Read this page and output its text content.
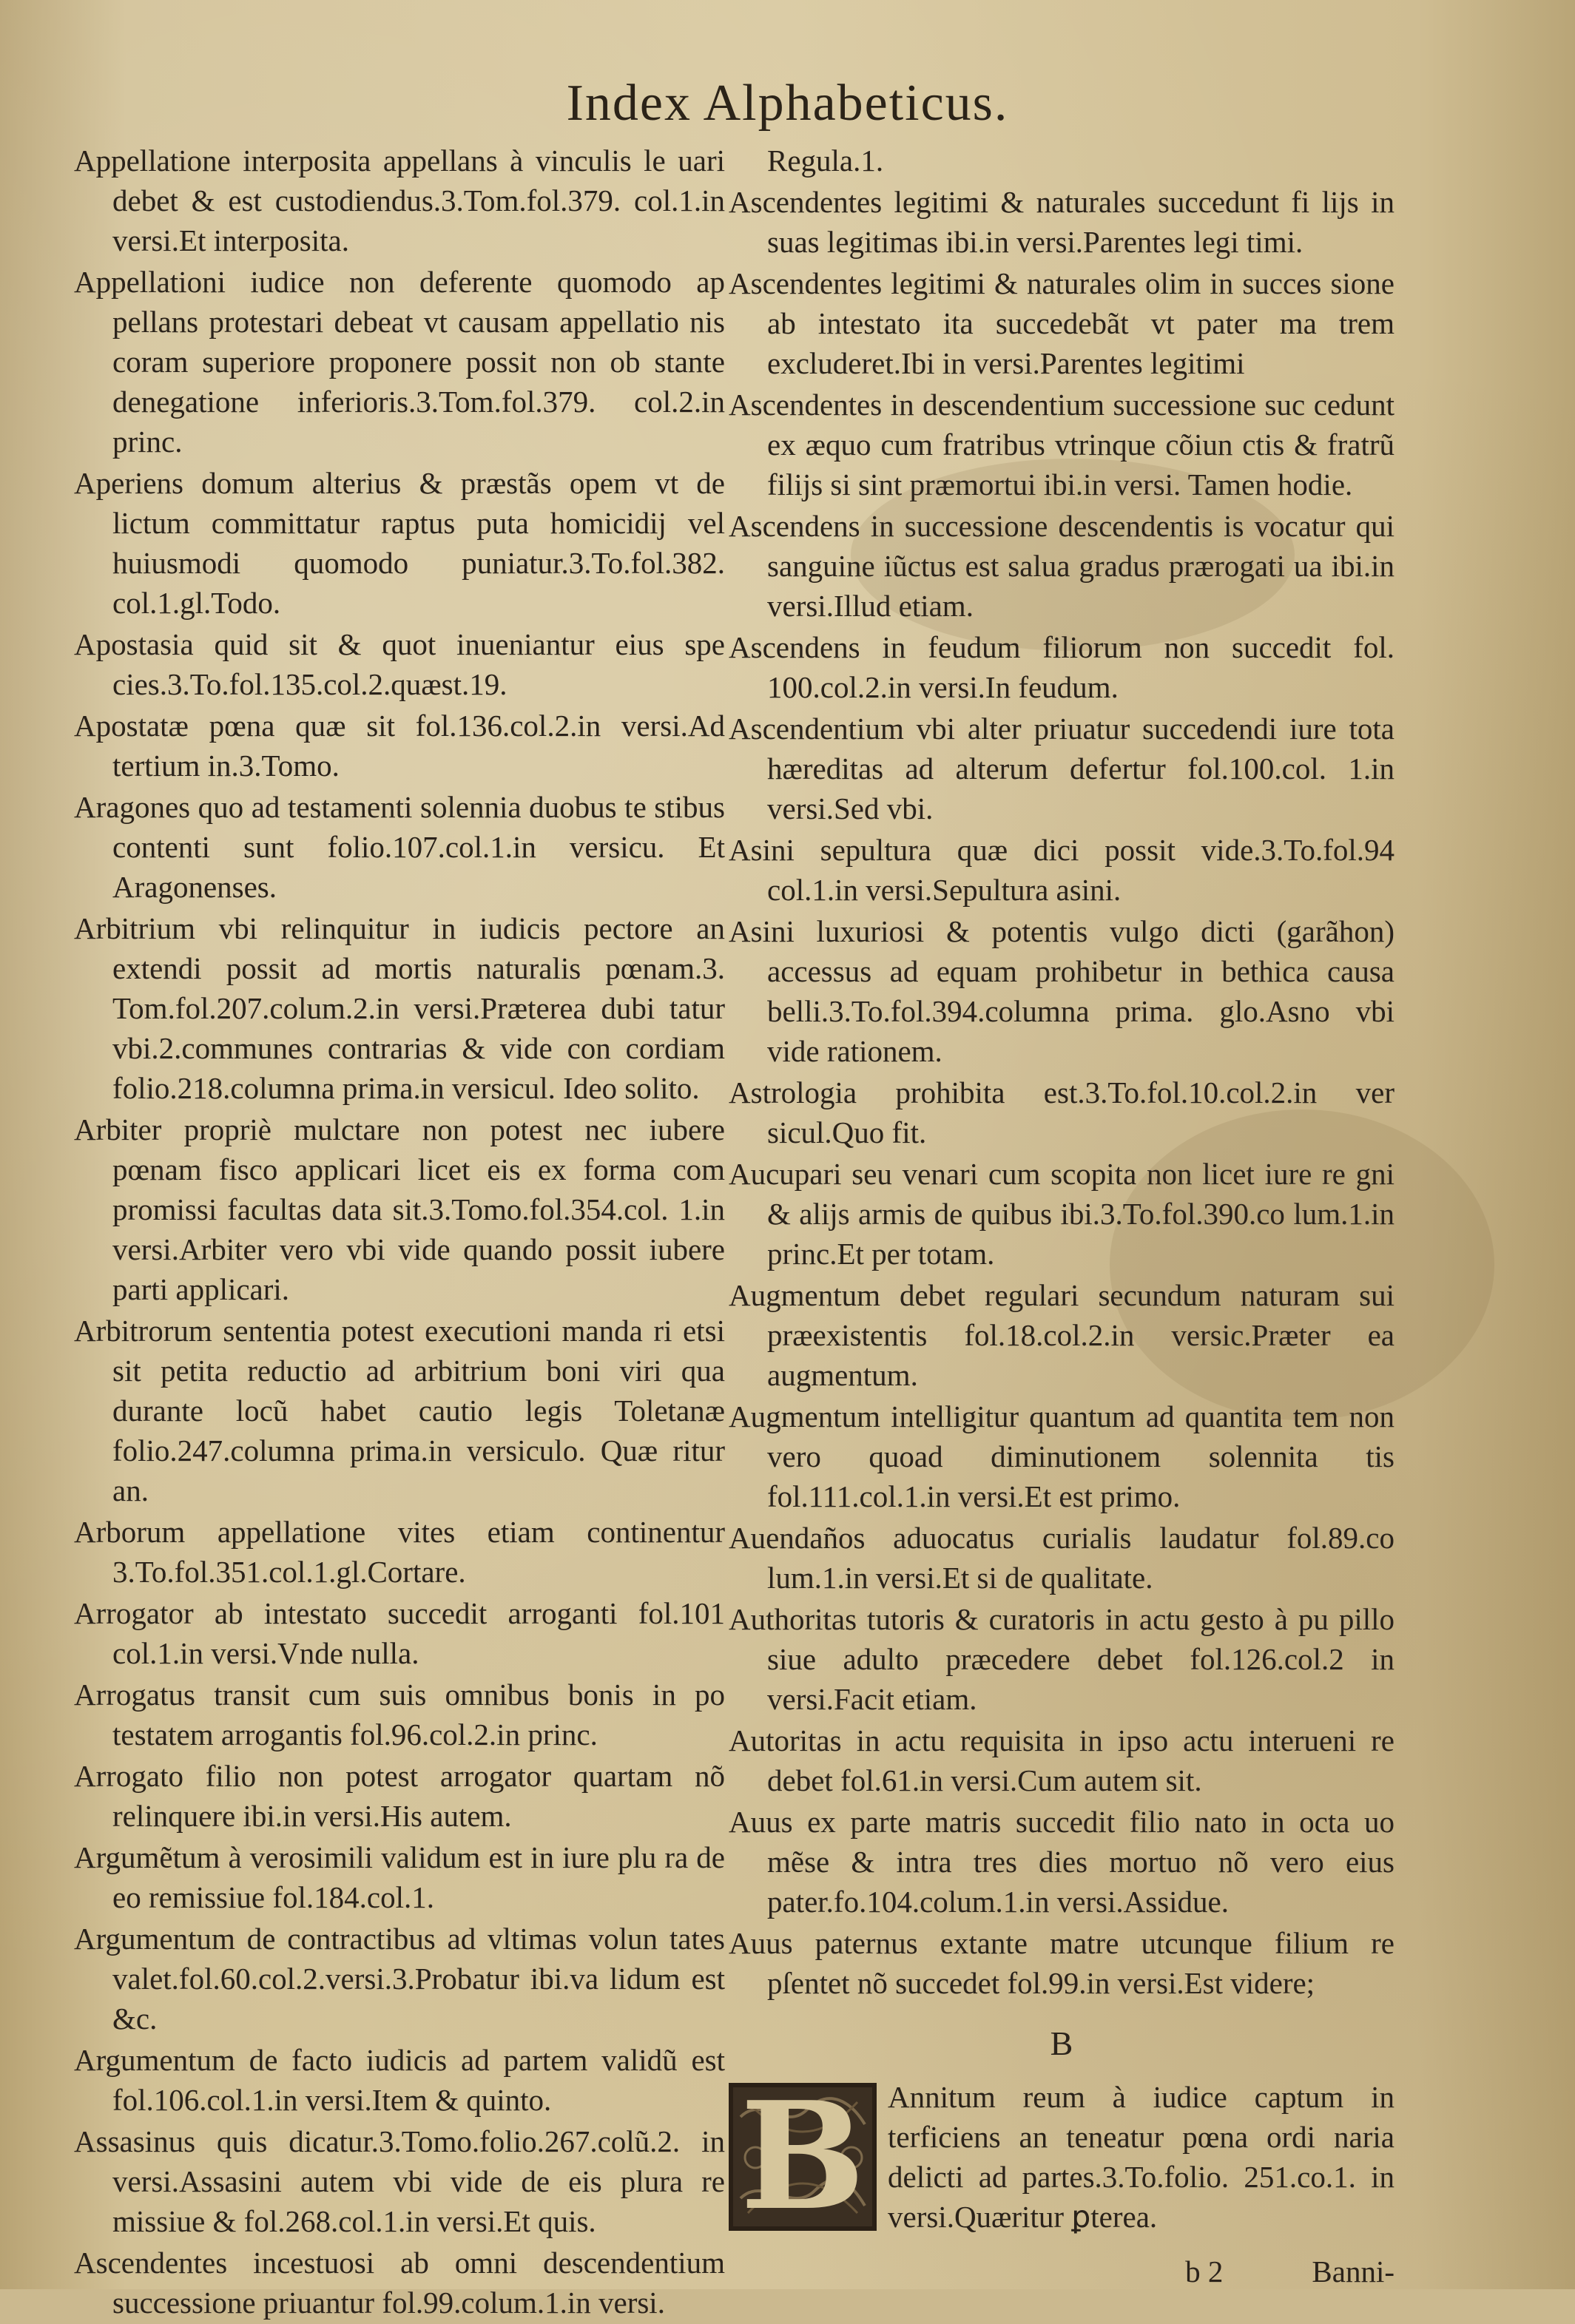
Index Alphabeticus.

Appellatione interposita appellans à vinculis le uari debet & est custodiendus.3.Tom.fol.379. col.1.in versi.Et interposita.

Appellationi iudice non deferente quomodo ap pellans protestari debeat vt causam appellatio nis coram superiore proponere possit non ob stante denegatione inferioris.3.Tom.fol.379. col.2.in princ.

Aperiens domum alterius & præstãs opem vt de lictum committatur raptus puta homicidij vel huiusmodi quomodo puniatur.3.To.fol.382. col.1.gl.Todo.

Apostasia quid sit & quot inueniantur eius spe cies.3.To.fol.135.col.2.quæst.19.

Apostatæ pœna quæ sit fol.136.col.2.in versi.Ad tertium in.3.Tomo.

Aragones quo ad testamenti solennia duobus te stibus contenti sunt folio.107.col.1.in versicu. Et Aragonenses.

Arbitrium vbi relinquitur in iudicis pectore an extendi possit ad mortis naturalis pœnam.3. Tom.fol.207.colum.2.in versi.Præterea dubi tatur vbi.2.communes contrarias & vide con cordiam folio.218.columna prima.in versicul. Ideo solito.

Arbiter propriè mulctare non potest nec iubere pœnam fisco applicari licet eis ex forma com promissi facultas data sit.3.Tomo.fol.354.col. 1.in versi.Arbiter vero vbi vide quando possit iubere parti applicari.

Arbitrorum sententia potest executioni manda ri etsi sit petita reductio ad arbitrium boni viri qua durante locũ habet cautio legis Toletanæ folio.247.columna prima.in versiculo. Quæ ritur an.

Arborum appellatione vites etiam continentur 3.To.fol.351.col.1.gl.Cortare.

Arrogator ab intestato succedit arroganti fol.101 col.1.in versi.Vnde nulla.

Arrogatus transit cum suis omnibus bonis in po testatem arrogantis fol.96.col.2.in princ.

Arrogato filio non potest arrogator quartam nõ relinquere ibi.in versi.His autem.

Argumẽtum à verosimili validum est in iure plu ra de eo remissiue fol.184.col.1.

Argumentum de contractibus ad vltimas volun tates valet.fol.60.col.2.versi.3.Probatur ibi.va lidum est &c.

Argumentum de facto iudicis ad partem validũ est fol.106.col.1.in versi.Item & quinto.

Assasinus quis dicatur.3.Tomo.folio.267.colũ.2. in versi.Assasini autem vbi vide de eis plura re missiue & fol.268.col.1.in versi.Et quis.

Ascendentes incestuosi ab omni descendentium successione priuantur fol.99.colum.1.in versi.

Regula.1.

Ascendentes legitimi & naturales succedunt fi lijs in suas legitimas ibi.in versi.Parentes legi timi.

Ascendentes legitimi & naturales olim in succes sione ab intestato ita succedebãt vt pater ma trem excluderet.Ibi in versi.Parentes legitimi

Ascendentes in descendentium successione suc cedunt ex æquo cum fratribus vtrinque cõiun ctis & fratrũ filijs si sint præmortui ibi.in versi. Tamen hodie.

Ascendens in successione descendentis is vocatur qui sanguine iũctus est salua gradus prærogati ua ibi.in versi.Illud etiam.

Ascendens in feudum filiorum non succedit fol. 100.col.2.in versi.In feudum.

Ascendentium vbi alter priuatur succedendi iure tota hæreditas ad alterum defertur fol.100.col. 1.in versi.Sed vbi.

Asini sepultura quæ dici possit vide.3.To.fol.94 col.1.in versi.Sepultura asini.

Asini luxuriosi & potentis vulgo dicti (garãhon) accessus ad equam prohibetur in bethica causa belli.3.To.fol.394.columna prima. glo.Asno vbi vide rationem.

Astrologia prohibita est.3.To.fol.10.col.2.in ver sicul.Quo fit.

Aucupari seu venari cum scopita non licet iure re gni & alijs armis de quibus ibi.3.To.fol.390.co lum.1.in princ.Et per totam.

Augmentum debet regulari secundum naturam sui præexistentis fol.18.col.2.in versic.Præter ea augmentum.

Augmentum intelligitur quantum ad quantita tem non vero quoad diminutionem solennita tis fol.111.col.1.in versi.Et est primo.

Auendaños aduocatus curialis laudatur fol.89.co lum.1.in versi.Et si de qualitate.

Authoritas tutoris & curatoris in actu gesto à pu pillo siue adulto præcedere debet fol.126.col.2 in versi.Facit etiam.

Autoritas in actu requisita in ipso actu interueni re debet fol.61.in versi.Cum autem sit.

Auus ex parte matris succedit filio nato in octa uo mẽse & intra tres dies mortuo nõ vero eius pater.fo.104.colum.1.in versi.Assidue.

Auus paternus extante matre utcunque filium re pſentet nõ succedet fol.99.in versi.Est videre;

B
B Annitum reum à iudice captum in terficiens an teneatur pœna ordi naria delicti ad partes.3.To.folio. 251.co.1. in versi.Quæritur ꝑterea.
b 2	Banni-
